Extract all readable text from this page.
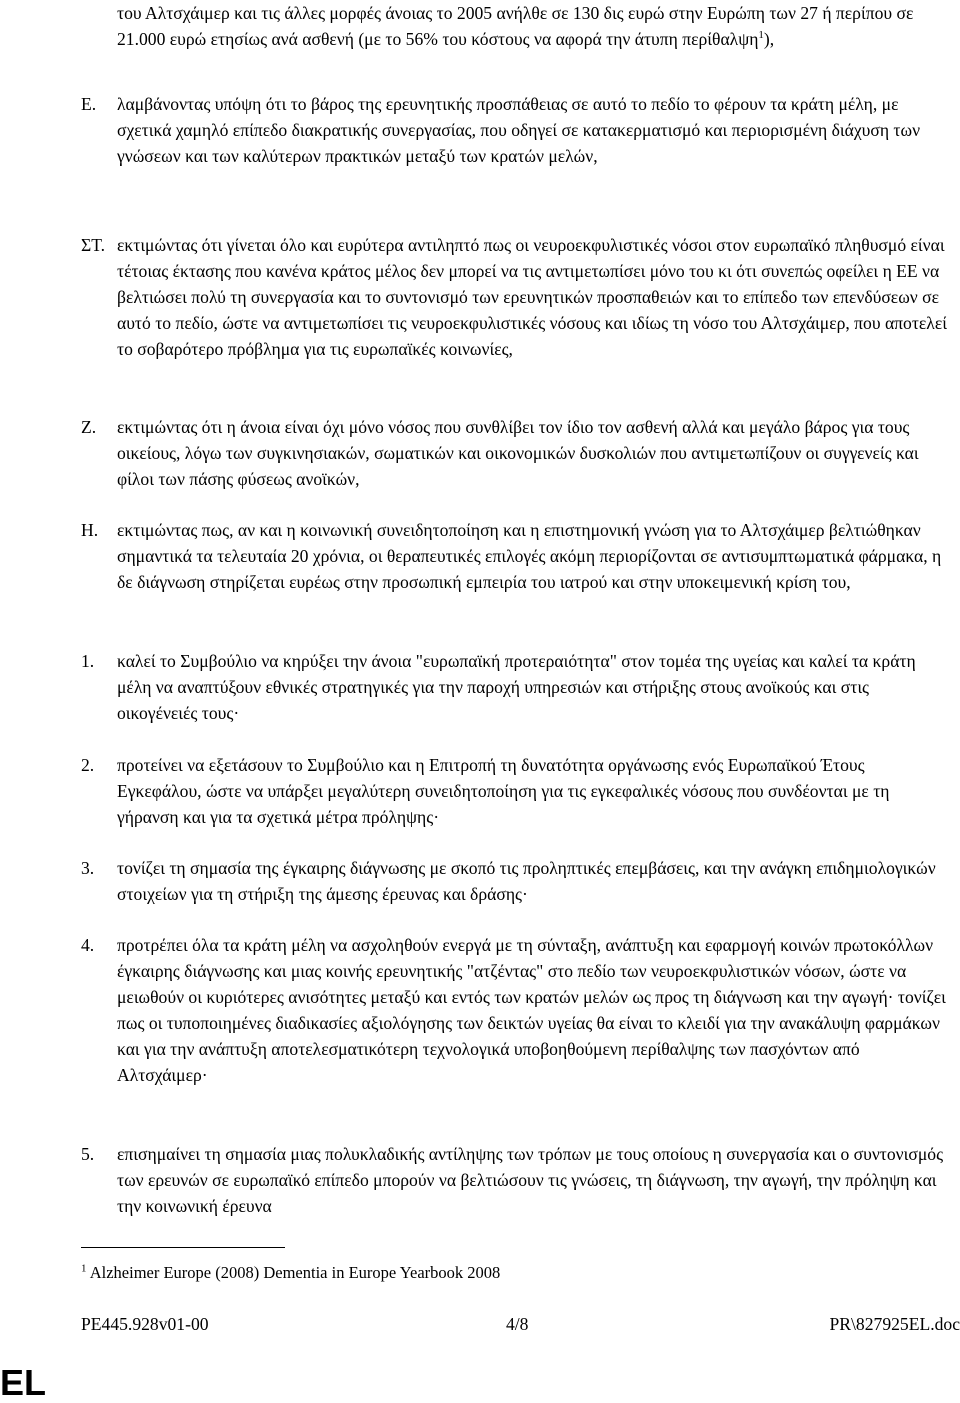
του Αλτσχάιμερ και τις άλλες μορφές άνοιας το 2005 ανήλθε σε 130 δις ευρώ στην Ευρώπη των 27 ή περίπου σε 21.000 ευρώ ετησίως ανά ασθενή (με το 56% του κόστους να αφορά την άτυπη περίθαλψη$^1$),
E.	λαμβάνοντας υπόψη ότι το βάρος της ερευνητικής προσπάθειας σε αυτό το πεδίο το φέρουν τα κράτη μέλη, με σχετικά χαμηλό επίπεδο διακρατικής συνεργασίας, που οδηγεί σε κατακερματισμό και περιορισμένη διάχυση των γνώσεων και των καλύτερων πρακτικών μεταξύ των κρατών μελών,
ΣΤ. εκτιμώντας ότι γίνεται όλο και ευρύτερα αντιληπτό πως οι νευροεκφυλιστικές νόσοι στον ευρωπαϊκό πληθυσμό είναι τέτοιας έκτασης που κανένα κράτος μέλος δεν μπορεί να τις αντιμετωπίσει μόνο του κι ότι συνεπώς οφείλει η ΕΕ να βελτιώσει πολύ τη συνεργασία και το συντονισμό των ερευνητικών προσπαθειών και το επίπεδο των επενδύσεων σε αυτό το πεδίο, ώστε να αντιμετωπίσει τις νευροεκφυλιστικές νόσους και ιδίως τη νόσο του Αλτσχάιμερ, που αποτελεί το σοβαρότερο πρόβλημα για τις ευρωπαϊκές κοινωνίες,
Ζ.	εκτιμώντας ότι η άνοια είναι όχι μόνο νόσος που συνθλίβει τον ίδιο τον ασθενή αλλά και μεγάλο βάρος για τους οικείους, λόγω των συγκινησιακών, σωματικών και οικονομικών δυσκολιών που αντιμετωπίζουν οι συγγενείς και φίλοι των πάσης φύσεως ανοϊκών,
Η.	εκτιμώντας πως, αν και η κοινωνική συνειδητοποίηση και η επιστημονική γνώση για το Αλτσχάιμερ βελτιώθηκαν σημαντικά τα τελευταία 20 χρόνια, οι θεραπευτικές επιλογές ακόμη περιορίζονται σε αντισυμπτωματικά φάρμακα, η δε διάγνωση στηρίζεται ευρέως στην προσωπική εμπειρία του ιατρού και στην υποκειμενική κρίση του,
1.	καλεί το Συμβούλιο να κηρύξει την άνοια "ευρωπαϊκή προτεραιότητα" στον τομέα της υγείας και καλεί τα κράτη μέλη να αναπτύξουν εθνικές στρατηγικές για την παροχή υπηρεσιών και στήριξης στους ανοϊκούς και στις οικογένειές τους·
2.	προτείνει να εξετάσουν το Συμβούλιο και η Επιτροπή τη δυνατότητα οργάνωσης ενός Ευρωπαϊκού Έτους Εγκεφάλου, ώστε να υπάρξει μεγαλύτερη συνειδητοποίηση για τις εγκεφαλικές νόσους που συνδέονται με τη γήρανση και για τα σχετικά μέτρα πρόληψης·
3.	τονίζει τη σημασία της έγκαιρης διάγνωσης με σκοπό τις προληπτικές επεμβάσεις, και την ανάγκη επιδημιολογικών στοιχείων για τη στήριξη της άμεσης έρευνας και δράσης·
4.	προτρέπει όλα τα κράτη μέλη να ασχοληθούν ενεργά με τη σύνταξη, ανάπτυξη και εφαρμογή κοινών πρωτοκόλλων έγκαιρης διάγνωσης και μιας κοινής ερευνητικής "ατζέντας" στο πεδίο των νευροεκφυλιστικών νόσων, ώστε να μειωθούν οι κυριότερες ανισότητες μεταξύ και εντός των κρατών μελών ως προς τη διάγνωση και την αγωγή· τονίζει πως οι τυποποιημένες διαδικασίες αξιολόγησης των δεικτών υγείας θα είναι το κλειδί για την ανακάλυψη φαρμάκων και για την ανάπτυξη αποτελεσματικότερη τεχνολογικά υποβοηθούμενη περίθαλψης των πασχόντων από Αλτσχάιμερ·
5.	επισημαίνει τη σημασία μιας πολυκλαδικής αντίληψης των τρόπων με τους οποίους η συνεργασία και ο συντονισμός των ερευνών σε ευρωπαϊκό επίπεδο μπορούν να βελτιώσουν τις γνώσεις, τη διάγνωση, την αγωγή, την πρόληψη και την κοινωνική έρευνα
$^1$ Alzheimer Europe (2008) Dementia in Europe Yearbook 2008
PE445.928v01-00	4/8	PR\827925EL.doc
EL
